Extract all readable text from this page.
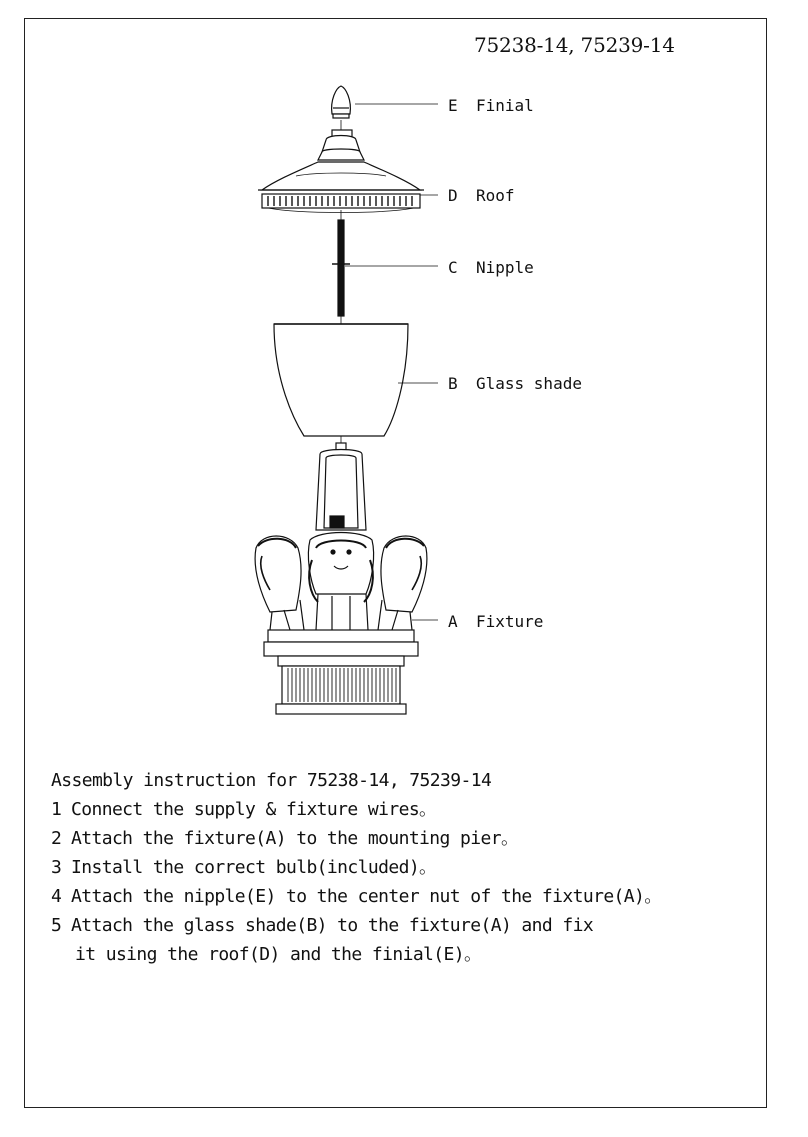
75238-14, 75239-14
E Finial
D Roof
C Nipple
B Glass shade
A Fixture
Assembly instruction for 75238-14, 75239-14
1 Connect the supply & fixture wires。
2 Attach the fixture(A) to the mounting pier。
3 Install the correct bulb(included)。
4 Attach the nipple(E) to the center nut of the fixture(A)。
5 Attach the glass shade(B) to the fixture(A) and fix
it using the roof(D) and the finial(E)。
